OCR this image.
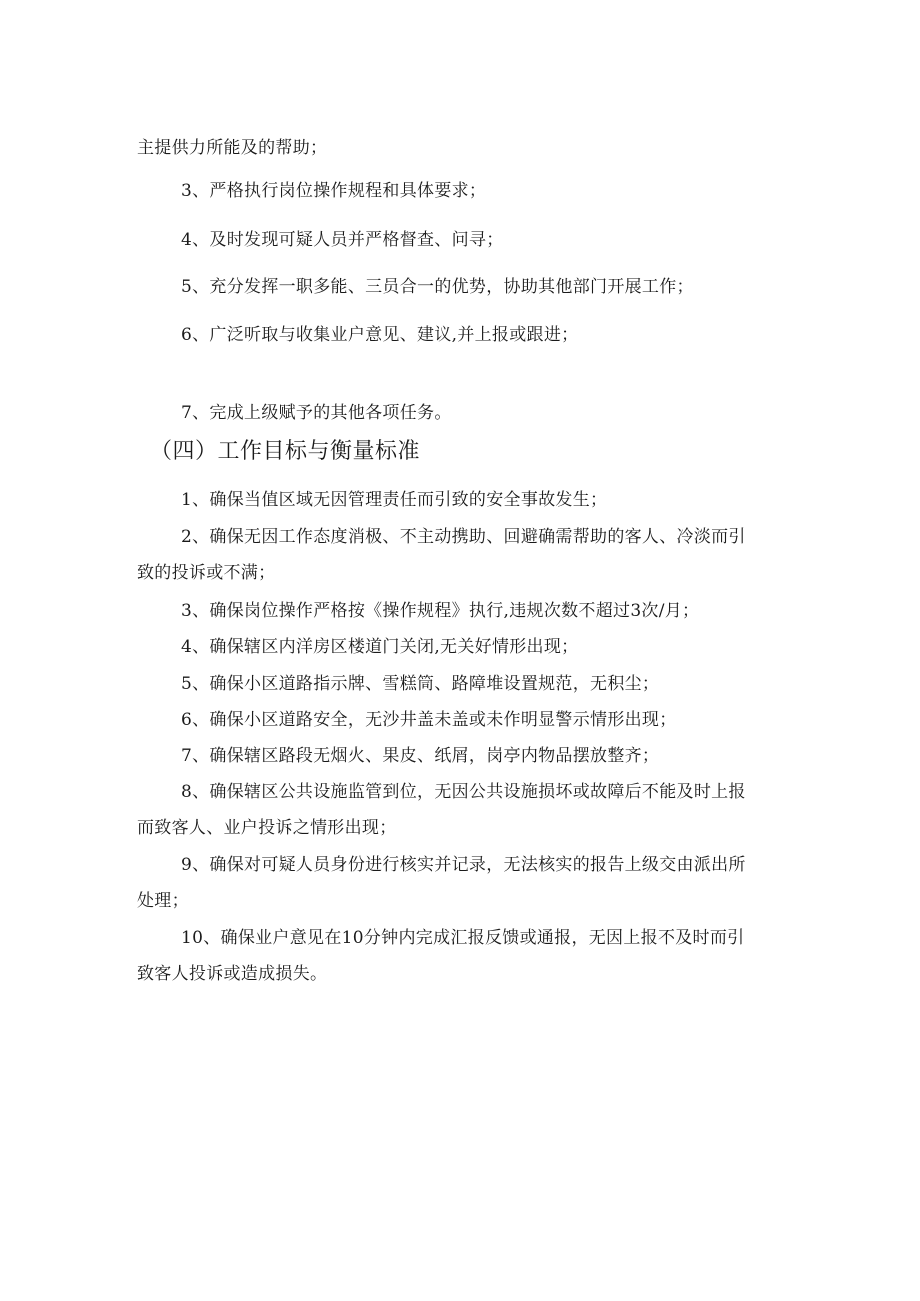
主提供力所能及的帮助；
3、严格执行岗位操作规程和具体要求；
4、及时发现可疑人员并严格督查、问寻；
5、充分发挥一职多能、三员合一的优势，协助其他部门开展工作；
6、广泛听取与收集业户意见、建议,并上报或跟进；
7、完成上级赋予的其他各项任务。
（四）工作目标与衡量标准
1、确保当值区域无因管理责任而引致的安全事故发生；
2、确保无因工作态度消极、不主动携助、回避确需帮助的客人、冷淡而引
致的投诉或不满；
3、确保岗位操作严格按《操作规程》执行,违规次数不超过3次/月；
4、确保辖区内洋房区楼道门关闭,无关好情形出现；
5、确保小区道路指示牌、雪糕筒、路障堆设置规范，无积尘；
6、确保小区道路安全，无沙井盖未盖或未作明显警示情形出现；
7、确保辖区路段无烟火、果皮、纸屑，岗亭内物品摆放整齐；
8、确保辖区公共设施监管到位，无因公共设施损坏或故障后不能及时上报
而致客人、业户投诉之情形出现；
9、确保对可疑人员身份进行核实并记录，无法核实的报告上级交由派出所
处理；
10、确保业户意见在10分钟内完成汇报反馈或通报，无因上报不及时而引
致客人投诉或造成损失。
